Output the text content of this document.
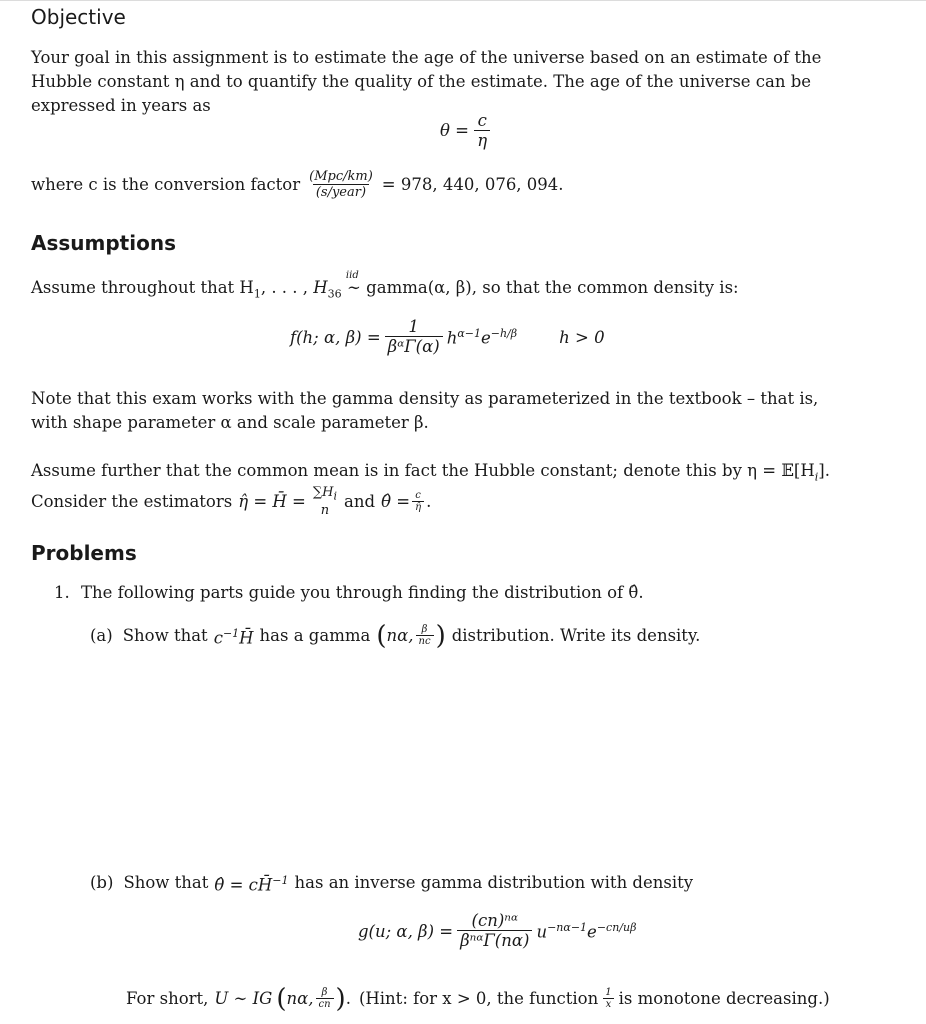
Objective
Your goal in this assignment is to estimate the age of the universe based on an estimate of the
Hubble constant η and to quantify the quality of the estimate. The age of the universe can be
expressed in years as
$\theta = \frac{c}{\eta}$
where c is the conversion factor $\frac{\text{(Mpc/km)}}{\text{(s/year)}} = 978$, 440, 076, 094.
Assumptions
Assume throughout that $H_1$, . . . , $H_{36}$ ∼
iid
gamma(α, β), so that the common density is:
f(h; α, $\beta) = \frac{1}{\text{βᵅΓ(α)}} h^{\alpha-1}e^{-h/\beta}$	h > 0
Note that this exam works with the gamma density as parameterized in the textbook – that is,
with shape parameter α and scale parameter β.
Assume further that the common mean is in fact the Hubble constant; denote this by $\eta = 𝔼[H_i]$.
Consider the estimators η̂ = H̄ = $\sum H_i$
n and θ̂ = $\frac{c}{\etâ}$ .
Problems
1. The following parts guide you through finding the distribution of θ̂.
(a) Show that $c^{-1}H̄$ has a gamma ( nα, $\frac{\beta}{nc}$ ) distribution. Write its density.
(b) Show that θ̂ = cH̄$^{-1}$ has an inverse gamma distribution with density
g(u; α, $\beta) = \frac{\text{(cn)ⁿᵅ}}{\text{βⁿᵅΓ(nα)}} u^{-n\alpha-1}e^{-cn/u\beta}$
For short, U ∼ IG ( nα, $\frac{\beta}{cn}$ ) . (Hint: for x > 0, the function $\frac{1}{x}$ is monotone decreasing.)
